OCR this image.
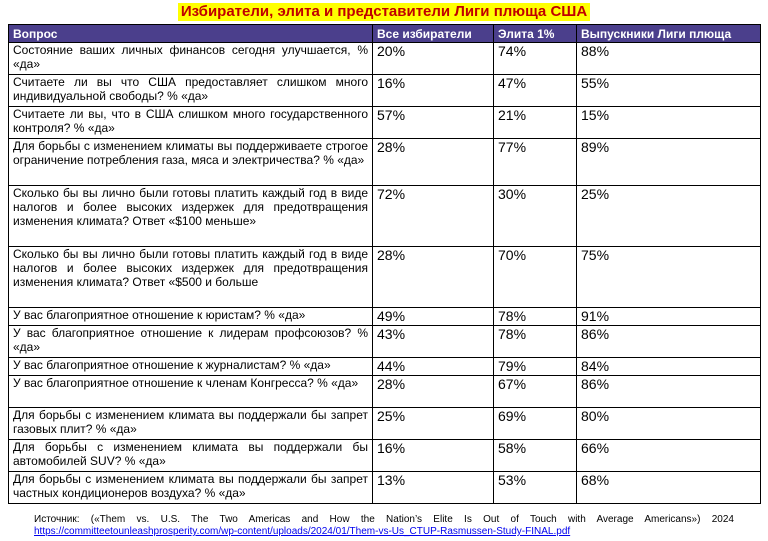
Избиратели, элита и представители Лиги плюща США
Вопрос	Все избиратели	Элита 1%	Выпускники Лиги плюща
Состояние ваших личных финансов сегодня улучшается, % «да»	20%	74%	88%
Считаете ли вы что США предоставляет слишком много индивидуальной свободы? % «да»	16%	47%	55%
Считаете ли вы, что в США слишком много государственного контроля? % «да»	57%	21%	15%
Для борьбы с изменением климаты вы поддерживаете строгое ограничение потребления газа, мяса и электричества? % «да»	28%	77%	89%
Сколько бы вы лично были готовы платить каждый год в виде налогов и более высоких издержек для предотвращения изменения климата? Ответ «$100 меньше»	72%	30%	25%
Сколько бы вы лично были готовы платить каждый год в виде налогов и более высоких издержек для предотвращения изменения климата? Ответ «$500 и больше	28%	70%	75%
У вас благоприятное отношение к юристам? % «да»	49%	78%	91%
У вас благоприятное отношение к лидерам профсоюзов? % «да»	43%	78%	86%
У вас благоприятное отношение к журналистам? % «да»	44%	79%	84%
У вас благоприятное отношение к членам Конгресса? % «да»	28%	67%	86%
Для борьбы с изменением климата вы поддержали бы запрет газовых плит? % «да»	25%	69%	80%
Для борьбы с изменением климата вы поддержали бы автомобилей SUV? % «да»	16%	58%	66%
Для борьбы с изменением климата вы поддержали бы запрет частных кондиционеров воздуха? % «да»	13%	53%	68%
Источник: («Them vs. U.S. The Two Americas and How the Nation’s Elite Is Out of Touch with Average Americans») 2024
https://committeetounleashprosperity.com/wp-content/uploads/2024/01/Them-vs-Us_CTUP-Rasmussen-Study-FINAL.pdf
